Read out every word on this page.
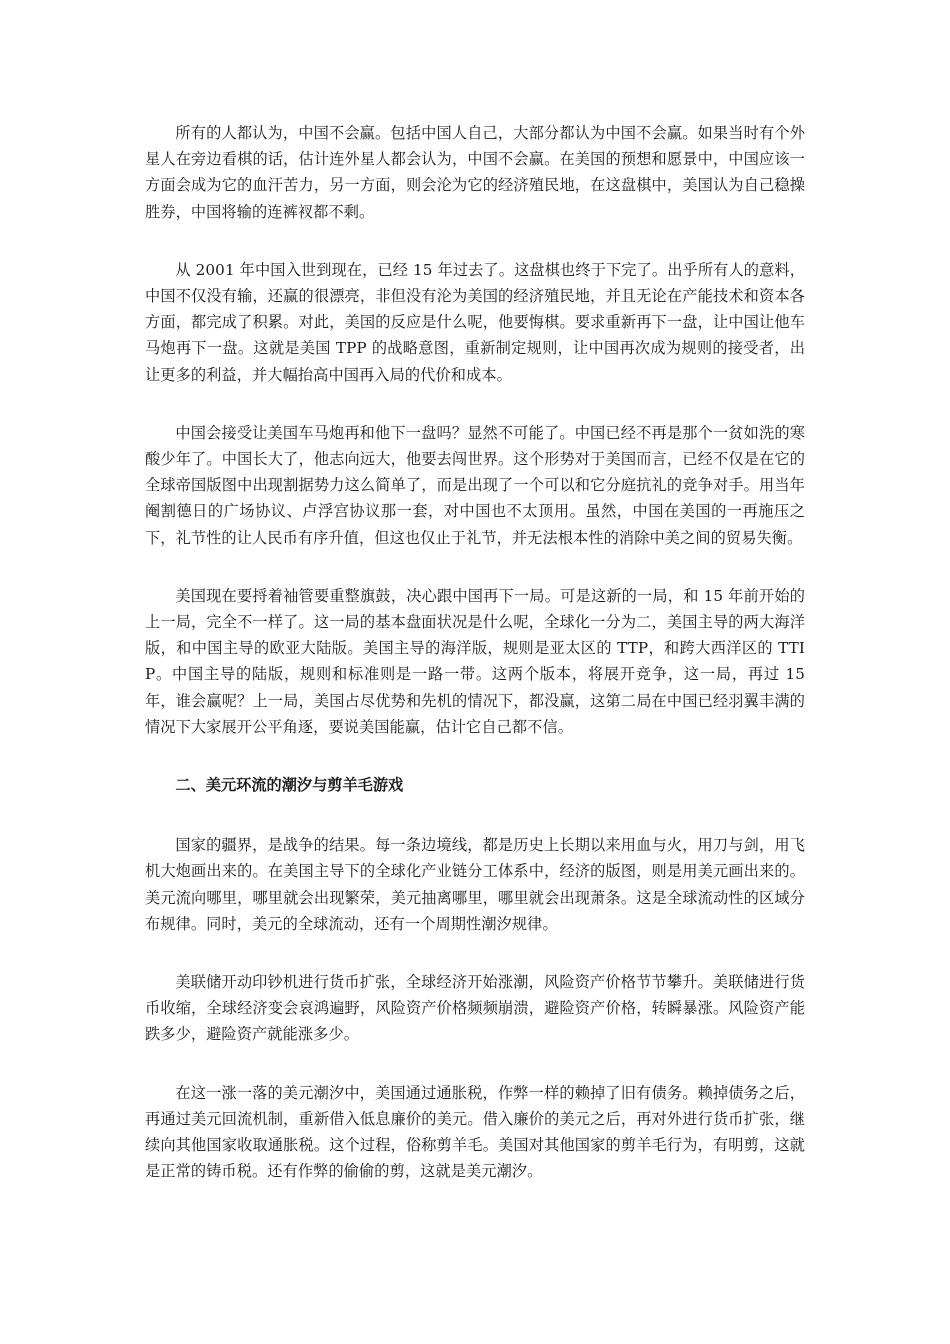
所有的人都认为，中国不会赢。包括中国人自己，大部分都认为中国不会赢。如果当时有个外星人在旁边看棋的话，估计连外星人都会认为，中国不会赢。在美国的预想和愿景中，中国应该一方面会成为它的血汗苦力，另一方面，则会沦为它的经济殖民地，在这盘棋中，美国认为自己稳操胜券，中国将输的连裤衩都不剩。

从 2001 年中国入世到现在，已经 15 年过去了。这盘棋也终于下完了。出乎所有人的意料，中国不仅没有输，还赢的很漂亮，非但没有沦为美国的经济殖民地，并且无论在产能技术和资本各方面，都完成了积累。对此，美国的反应是什么呢，他要悔棋。要求重新再下一盘，让中国让他车马炮再下一盘。这就是美国 TPP 的战略意图，重新制定规则，让中国再次成为规则的接受者，出让更多的利益，并大幅抬高中国再入局的代价和成本。

中国会接受让美国车马炮再和他下一盘吗？显然不可能了。中国已经不再是那个一贫如洗的寒酸少年了。中国长大了，他志向远大，他要去闯世界。这个形势对于美国而言，已经不仅是在它的全球帝国版图中出现割据势力这么简单了，而是出现了一个可以和它分庭抗礼的竞争对手。用当年阉割德日的广场协议、卢浮宫协议那一套，对中国也不太顶用。虽然，中国在美国的一再施压之下，礼节性的让人民币有序升值，但这也仅止于礼节，并无法根本性的消除中美之间的贸易失衡。

美国现在要捋着袖管要重整旗鼓，决心跟中国再下一局。可是这新的一局，和 15 年前开始的上一局，完全不一样了。这一局的基本盘面状况是什么呢，全球化一分为二，美国主导的两大海洋版，和中国主导的欧亚大陆版。美国主导的海洋版，规则是亚太区的 TTP，和跨大西洋区的 TTIP。中国主导的陆版，规则和标准则是一路一带。这两个版本，将展开竞争，这一局，再过 15 年，谁会赢呢？上一局，美国占尽优势和先机的情况下，都没赢，这第二局在中国已经羽翼丰满的情况下大家展开公平角逐，要说美国能赢，估计它自己都不信。

二、美元环流的潮汐与剪羊毛游戏

国家的疆界，是战争的结果。每一条边境线，都是历史上长期以来用血与火，用刀与剑，用飞机大炮画出来的。在美国主导下的全球化产业链分工体系中，经济的版图，则是用美元画出来的。美元流向哪里，哪里就会出现繁荣，美元抽离哪里，哪里就会出现萧条。这是全球流动性的区域分布规律。同时，美元的全球流动，还有一个周期性潮汐规律。

美联储开动印钞机进行货币扩张，全球经济开始涨潮，风险资产价格节节攀升。美联储进行货币收缩，全球经济变会哀鸿遍野，风险资产价格频频崩溃，避险资产价格，转瞬暴涨。风险资产能跌多少，避险资产就能涨多少。

在这一涨一落的美元潮汐中，美国通过通胀税，作弊一样的赖掉了旧有债务。赖掉债务之后，再通过美元回流机制，重新借入低息廉价的美元。借入廉价的美元之后，再对外进行货币扩张，继续向其他国家收取通胀税。这个过程，俗称剪羊毛。美国对其他国家的剪羊毛行为，有明剪，这就是正常的铸币税。还有作弊的偷偷的剪，这就是美元潮汐。
